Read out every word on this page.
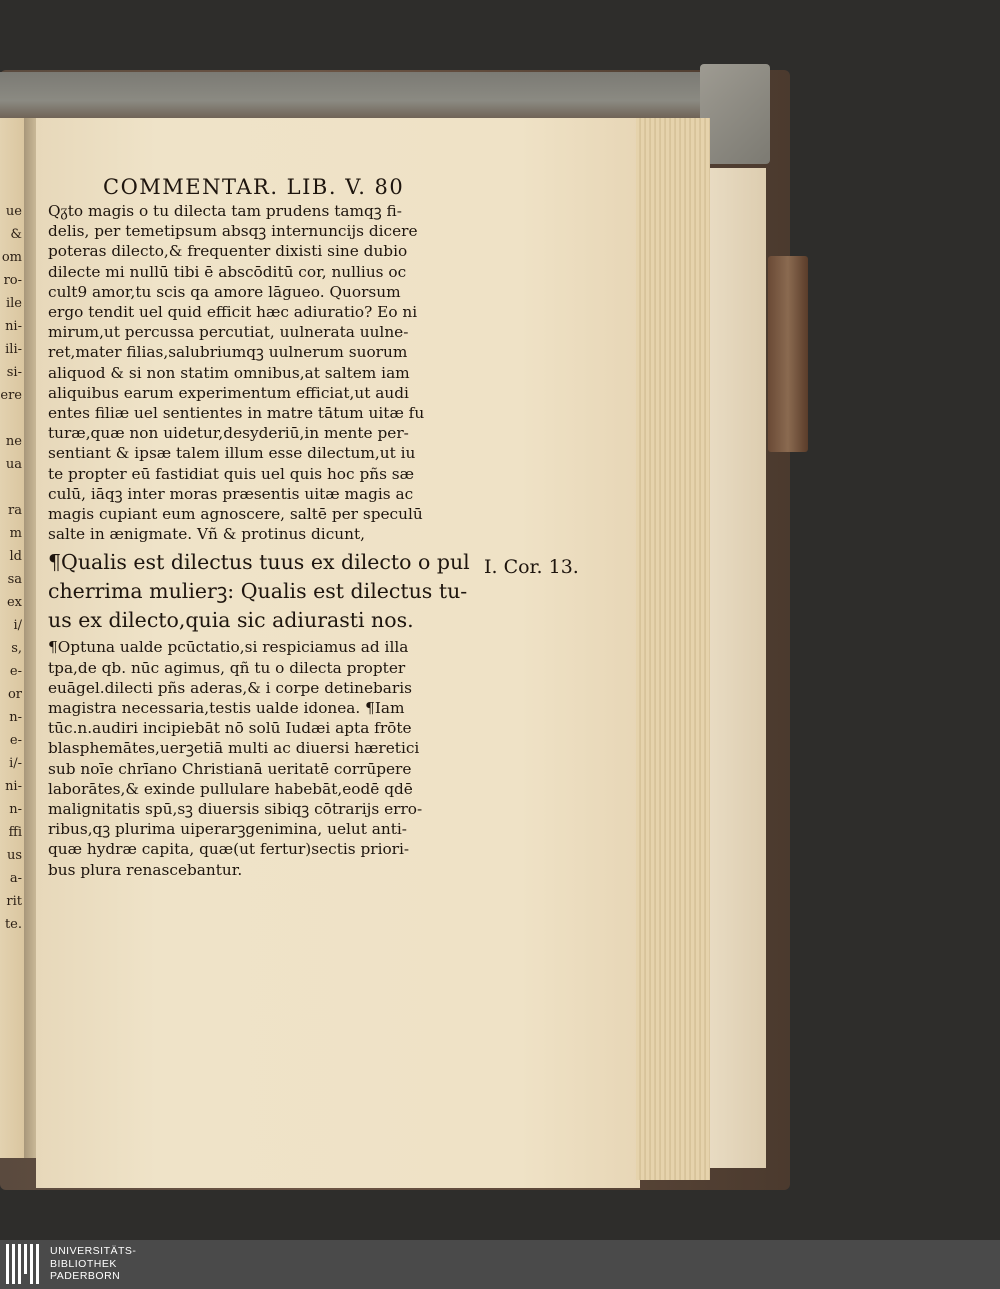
ue
&
om
ro-
ile
ni-
ili-
si-
ere
ne
ua
ra
m
ld
sa
ex
i/
s,
e-
or
n-
e-
i/-
ni-
n-
ffi
us
a-
rit
te.
COMMENTAR. LIB. V. 80
Qᵹto magis o tu dilecta tam prudens tamqꝫ fi-
delis, per temetipsum absqꝫ internuncijs dicere
poteras dilecto,& frequenter dixisti sine dubio
dilecte mi nullū tibi ē abscōditū cor, nullius oc
cult9 amor,tu scis qa amore lāgueo. Quorsum
ergo tendit uel quid efficit hæc adiuratio? Eo ni
mirum,ut percussa percutiat, uulnerata uulne-
ret,mater filias,salubriumqꝫ uulnerum suorum
aliquod & si non statim omnibus,at saltem iam
aliquibus earum experimentum efficiat,ut audi
entes filiæ uel sentientes in matre tātum uitæ fu
turæ,quæ non uidetur,desyderiū,in mente per-
sentiant & ipsæ talem illum esse dilectum,ut iu
te propter eū fastidiat quis uel quis hoc pñs sæ
culū, iāqꝫ inter moras præsentis uitæ magis ac
magis cupiant eum agnoscere, saltē per speculū
salte in ænigmate. Vñ & protinus dicunt,
¶Qualis est dilectus tuus ex dilecto o pul
cherrima mulierꝫ: Qualis est dilectus tu-
us ex dilecto,quia sic adiurasti nos.
¶Optuna ualde pcūctatio,si respiciamus ad illa
tpa,de qb. nūc agimus, qñ tu o dilecta propter
euāgel.dilecti pñs aderas,& i corpe detinebaris
magistra necessaria,testis ualde idonea. ¶Iam
tūc.n.audiri incipiebāt nō solū Iudæi apta frōte
blasphemātes,uerꝫetiā multi ac diuersi hæretici
sub noīe chrīano Christianā ueritatē corrūpere
laborātes,& exinde pullulare habebāt,eodē qdē
malignitatis spū,sꝫ diuersis sibiqꝫ cōtrarijs erro-
ribus,qꝫ plurima uiperarꝫgenimina, uelut anti-
quæ hydræ capita, quæ(ut fertur)sectis priori-
bus plura renascebantur.
I. Cor. 13.
UNIVERSITÄTS-
BIBLIOTHEK
PADERBORN
